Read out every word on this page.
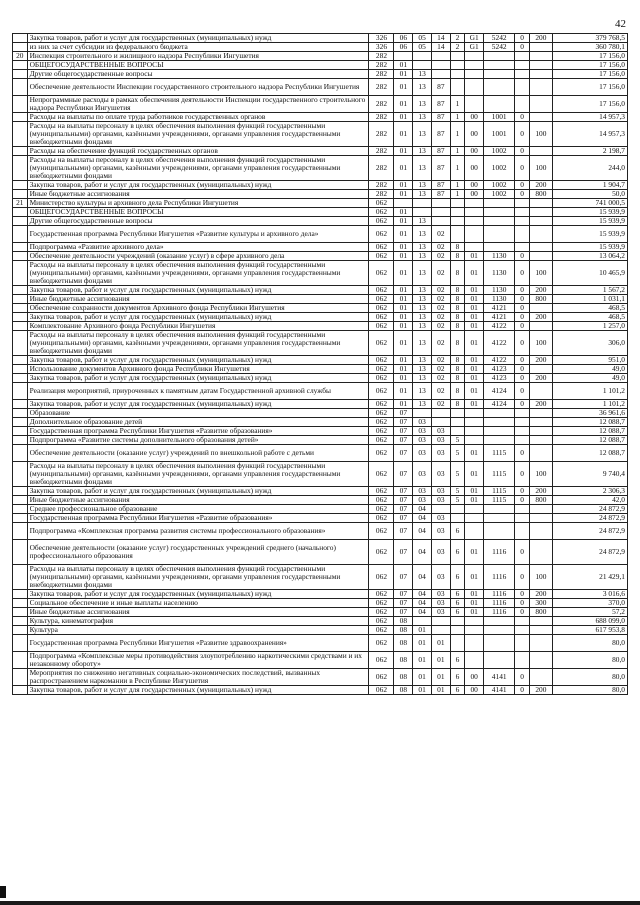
42
	Закупка товаров, работ и услуг для государственных (муниципальных) нужд	326	06	05	14	2	G1	5242	0	200	379 768,5
	из них за счет субсидии из федерального бюджета	326	06	05	14	2	G1	5242	0		360 780,1
20	Инспекция строительного и жилищного надзора Республики Ингушетия	282									17 156,0
	ОБЩЕГОСУДАРСТВЕННЫЕ ВОПРОСЫ	282	01								17 156,0
	Другие общегосударственные вопросы	282	01	13							17 156,0
	Обеспечение деятельности Инспекции государственного строительного надзора Республики Ингушетия	282	01	13	87						17 156,0
	Непрограммные расходы в рамках обеспечения деятельности Инспекции государственного строительного надзора Республики Ингушетия	282	01	13	87	1					17 156,0
	Расходы на выплаты по оплате труда работников государственных органов	282	01	13	87	1	00	1001	0		14 957,3
	Расходы на выплаты персоналу в целях обеспечения выполнения функций государственными (муниципальными) органами, казёнными учреждениями, органами управления государственными внебюджетными фондами	282	01	13	87	1	00	1001	0	100	14 957,3
	Расходы на обеспечение функций государственных органов	282	01	13	87	1	00	1002	0		2 198,7
	Расходы на выплаты персоналу в целях обеспечения выполнения функций государственными (муниципальными) органами, казёнными учреждениями, органами управления государственными внебюджетными фондами	282	01	13	87	1	00	1002	0	100	244,0
	Закупка товаров, работ и услуг для государственных (муниципальных) нужд	282	01	13	87	1	00	1002	0	200	1 904,7
	Иные бюджетные ассигнования	282	01	13	87	1	00	1002	0	800	50,0
21	Министерство культуры и архивного дела Республики Ингушетия	062									741 000,5
	ОБЩЕГОСУДАРСТВЕННЫЕ ВОПРОСЫ	062	01								15 939,9
	Другие общегосударственные вопросы	062	01	13							15 939,9
	Государственная программа Республики Ингушетия «Развитие культуры и архивного дела»	062	01	13	02						15 939,9
	Подпрограмма «Развитие архивного дела»	062	01	13	02	8					15 939,9
	Обеспечение деятельности учреждений (оказание услуг) в сфере архивного дела	062	01	13	02	8	01	1130	0		13 064,2
	Расходы на выплаты персоналу в целях обеспечения выполнения функций государственными (муниципальными) органами, казёнными учреждениями, органами управления государственными внебюджетными фондами	062	01	13	02	8	01	1130	0	100	10 465,9
	Закупка товаров, работ и услуг для государственных (муниципальных) нужд	062	01	13	02	8	01	1130	0	200	1 567,2
	Иные бюджетные ассигнования	062	01	13	02	8	01	1130	0	800	1 031,1
	Обеспечение сохранности документов Архивного фонда Республики Ингушетия	062	01	13	02	8	01	4121	0		468,5
	Закупка товаров, работ и услуг для государственных (муниципальных) нужд	062	01	13	02	8	01	4121	0	200	468,5
	Комплектование Архивного фонда Республики Ингушетия	062	01	13	02	8	01	4122	0		1 257,0
	Расходы на выплаты персоналу в целях обеспечения выполнения функций государственными (муниципальными) органами, казёнными учреждениями, органами управления государственными внебюджетными фондами	062	01	13	02	8	01	4122	0	100	306,0
	Закупка товаров, работ и услуг для государственных (муниципальных) нужд	062	01	13	02	8	01	4122	0	200	951,0
	Использование документов Архивного фонда Республики Ингушетия	062	01	13	02	8	01	4123	0		49,0
	Закупка товаров, работ и услуг для государственных (муниципальных) нужд	062	01	13	02	8	01	4123	0	200	49,0
	Реализация мероприятий, приуроченных к памятным датам Государственной архивной службы	062	01	13	02	8	01	4124	0		1 101,2
	Закупка товаров, работ и услуг для государственных (муниципальных) нужд	062	01	13	02	8	01	4124	0	200	1 101,2
	Образование	062	07								36 961,6
	Дополнительное образование детей	062	07	03							12 088,7
	Государственная программа Республики Ингушетия «Развитие образования»	062	07	03	03						12 088,7
	Подпрограмма «Развитие системы дополнительного образования детей»	062	07	03	03	5					12 088,7
	Обеспечение деятельности (оказание услуг) учреждений по внешкольной работе с детьми	062	07	03	03	5	01	1115	0		12 088,7
	Расходы на выплаты персоналу в целях обеспечения выполнения функций государственными (муниципальными) органами, казёнными учреждениями, органами управления государственными внебюджетными фондами	062	07	03	03	5	01	1115	0	100	9 740,4
	Закупка товаров, работ и услуг для государственных (муниципальных) нужд	062	07	03	03	5	01	1115	0	200	2 306,3
	Иные бюджетные ассигнования	062	07	03	03	5	01	1115	0	800	42,0
	Среднее профессиональное образование	062	07	04							24 872,9
	Государственная программа Республики Ингушетия «Развитие образования»	062	07	04	03						24 872,9
	Подпрограмма «Комплексная программа развития системы профессионального образования»	062	07	04	03	6					24 872,9
	Обеспечение деятельности (оказание услуг) государственных учреждений среднего (начального) профессионального образования	062	07	04	03	6	01	1116	0		24 872,9
	Расходы на выплаты персоналу в целях обеспечения выполнения функций государственными (муниципальными) органами, казёнными учреждениями, органами управления государственными внебюджетными фондами	062	07	04	03	6	01	1116	0	100	21 429,1
	Закупка товаров, работ и услуг для государственных (муниципальных) нужд	062	07	04	03	6	01	1116	0	200	3 016,6
	Социальное обеспечение и иные выплаты населению	062	07	04	03	6	01	1116	0	300	370,0
	Иные бюджетные ассигнования	062	07	04	03	6	01	1116	0	800	57,2
	Культура, кинематография	062	08								688 099,0
	Культура	062	08	01							617 953,8
	Государственная программа Республики Ингушетия «Развитие здравоохранения»	062	08	01	01						80,0
	Подпрограмма «Комплексные меры противодействия злоупотреблению наркотическими средствами и их незаконному обороту»	062	08	01	01	6					80,0
	Мероприятия по снижению негативных социально-экономических последствий, вызванных распространением наркомании в Республике Ингушетия	062	08	01	01	6	00	4141	0		80,0
	Закупка товаров, работ и услуг для государственных (муниципальных) нужд	062	08	01	01	6	00	4141	0	200	80,0
